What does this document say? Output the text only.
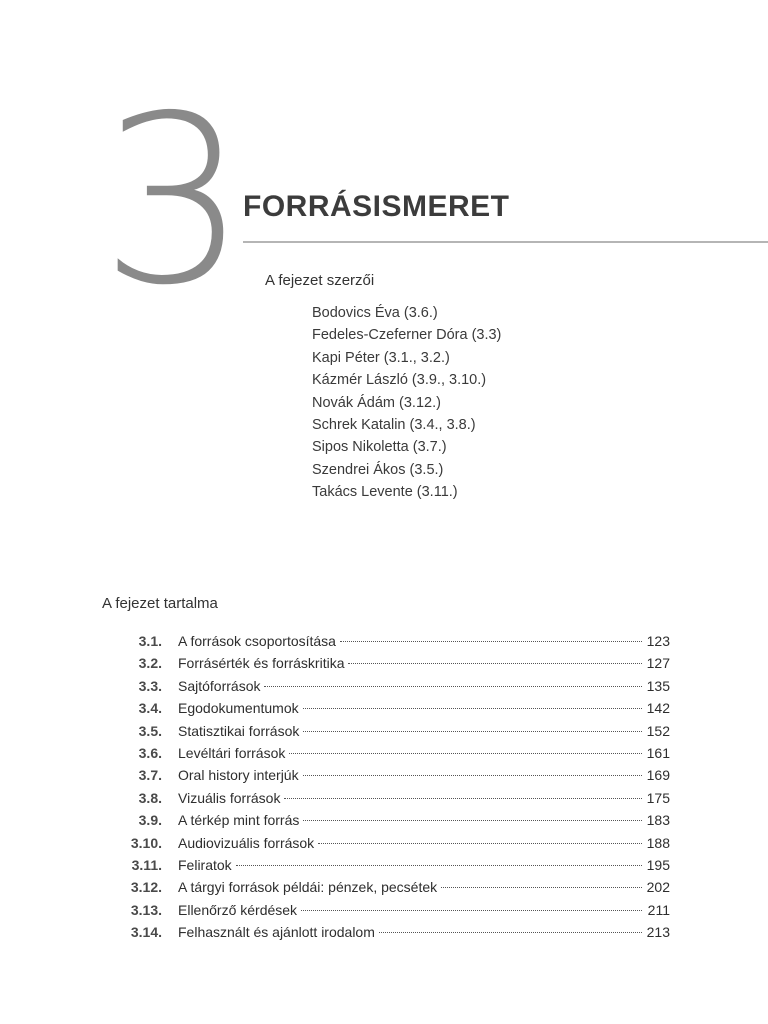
3 FORRÁSISMERET
A fejezet szerzői
Bodovics Éva (3.6.)
Fedeles-Czeferner Dóra (3.3)
Kapi Péter (3.1., 3.2.)
Kázmér László (3.9., 3.10.)
Novák Ádám (3.12.)
Schrek Katalin (3.4., 3.8.)
Sipos Nikoletta (3.7.)
Szendrei Ákos (3.5.)
Takács Levente (3.11.)
A fejezet tartalma
3.1. A források csoportosítása	123
3.2. Forrásérték és forráskritika	127
3.3. Sajtóforrások	135
3.4. Egodokumentumok	142
3.5. Statisztikai források	152
3.6. Levéltári források	161
3.7. Oral history interjúk	169
3.8. Vizuális források	175
3.9. A térkép mint forrás	183
3.10. Audiovizuális források	188
3.11. Feliratok	195
3.12. A tárgyi források példái: pénzek, pecsétek	202
3.13. Ellenőrző kérdések	211
3.14. Felhasznált és ajánlott irodalom	213
